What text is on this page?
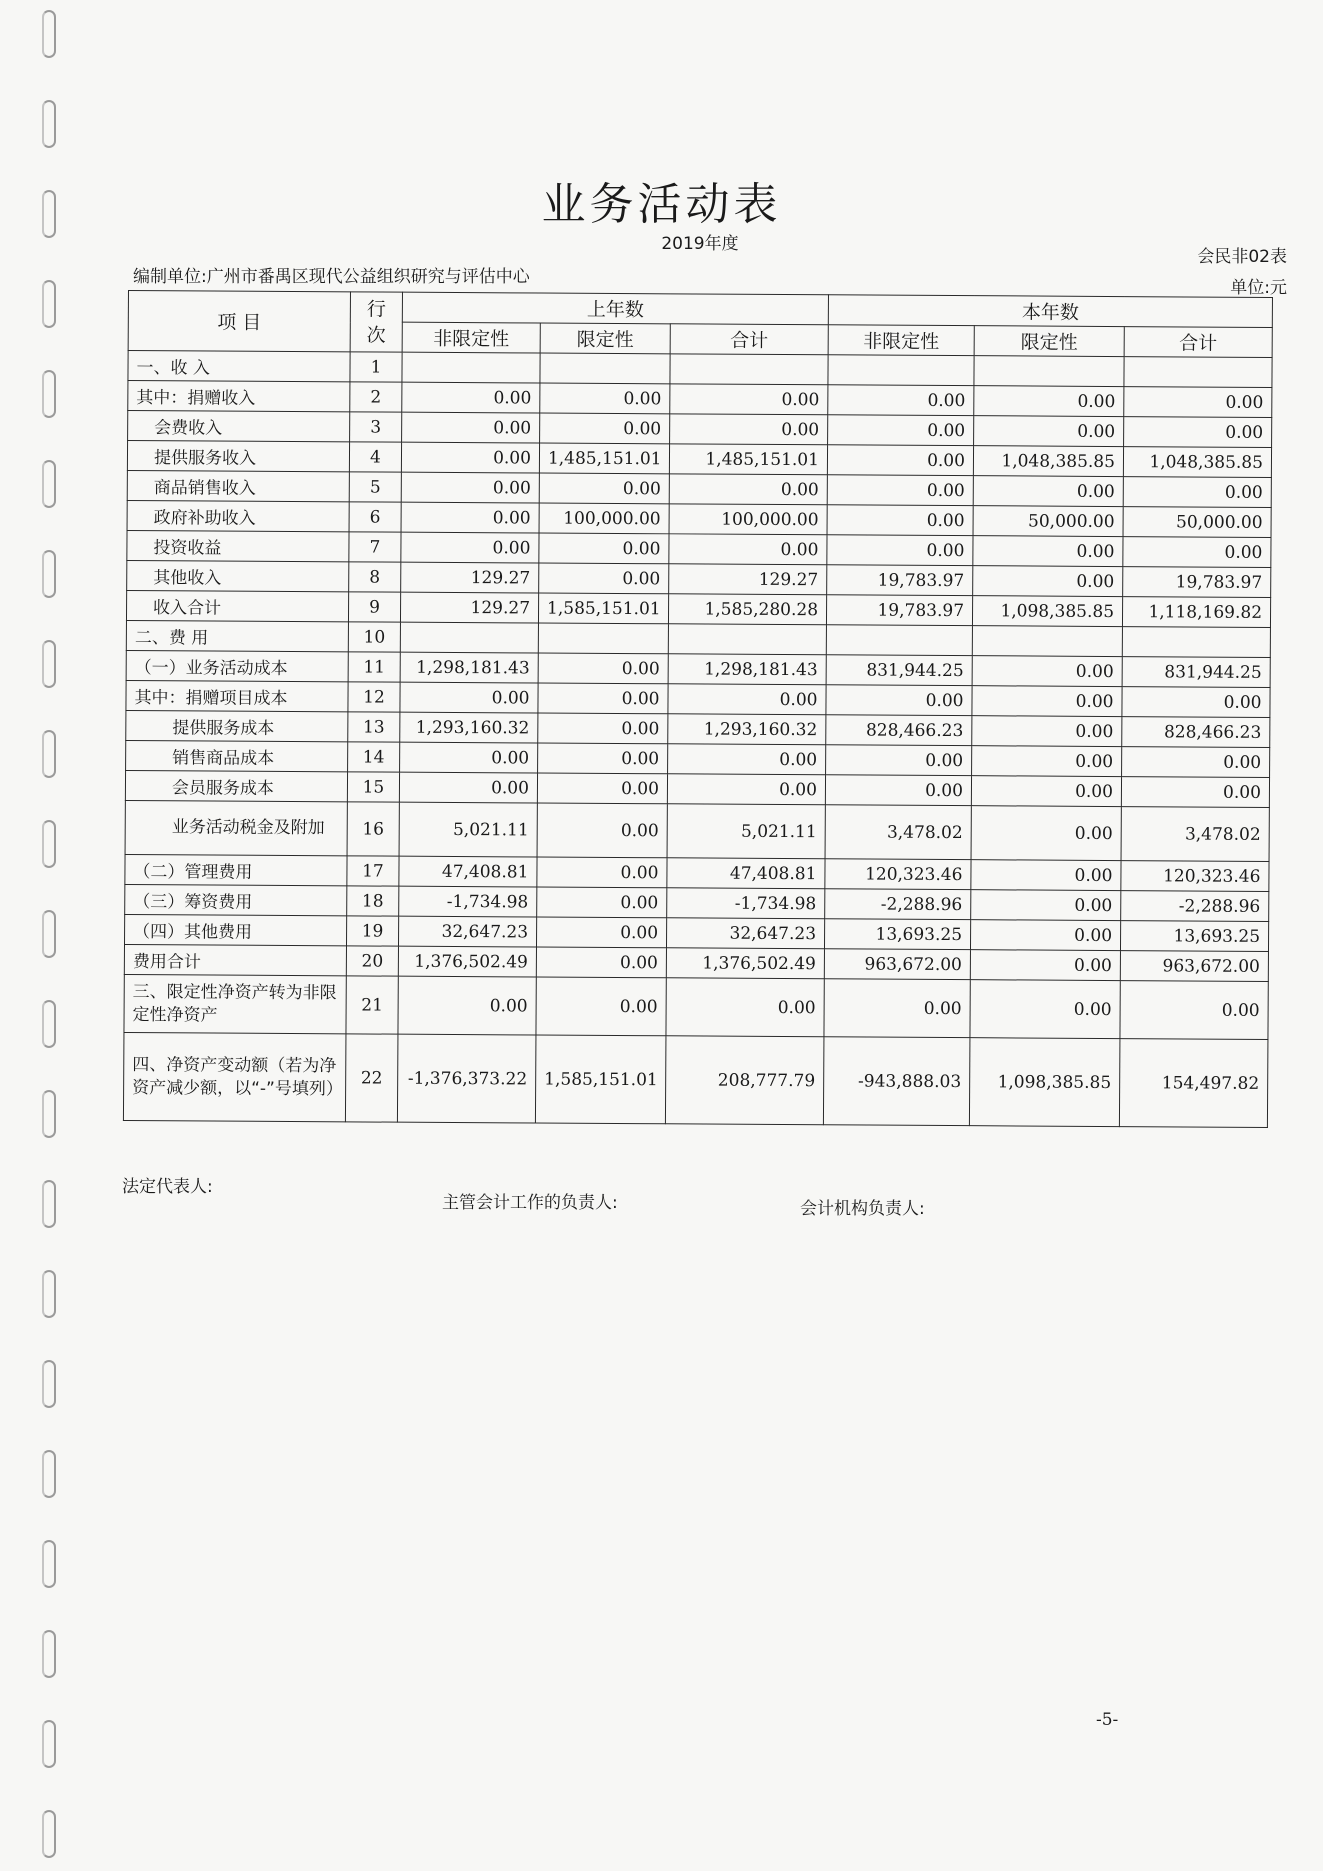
业务活动表
2019年度
会民非02表
编制单位:广州市番禺区现代公益组织研究与评估中心
单位:元
项 目	行次	上年数			本年数		
		非限定性	限定性	合计	非限定性	限定性	合计
一、收 入	1						
其中：捐赠收入	2	0.00	0.00	0.00	0.00	0.00	0.00
会费收入	3	0.00	0.00	0.00	0.00	0.00	0.00
提供服务收入	4	0.00	1,485,151.01	1,485,151.01	0.00	1,048,385.85	1,048,385.85
商品销售收入	5	0.00	0.00	0.00	0.00	0.00	0.00
政府补助收入	6	0.00	100,000.00	100,000.00	0.00	50,000.00	50,000.00
投资收益	7	0.00	0.00	0.00	0.00	0.00	0.00
其他收入	8	129.27	0.00	129.27	19,783.97	0.00	19,783.97
收入合计	9	129.27	1,585,151.01	1,585,280.28	19,783.97	1,098,385.85	1,118,169.82
二、费 用	10						
（一）业务活动成本	11	1,298,181.43	0.00	1,298,181.43	831,944.25	0.00	831,944.25
其中：捐赠项目成本	12	0.00	0.00	0.00	0.00	0.00	0.00
提供服务成本	13	1,293,160.32	0.00	1,293,160.32	828,466.23	0.00	828,466.23
销售商品成本	14	0.00	0.00	0.00	0.00	0.00	0.00
会员服务成本	15	0.00	0.00	0.00	0.00	0.00	0.00
业务活动税金及附加	16	5,021.11	0.00	5,021.11	3,478.02	0.00	3,478.02
（二）管理费用	17	47,408.81	0.00	47,408.81	120,323.46	0.00	120,323.46
（三）筹资费用	18	-1,734.98	0.00	-1,734.98	-2,288.96	0.00	-2,288.96
（四）其他费用	19	32,647.23	0.00	32,647.23	13,693.25	0.00	13,693.25
费用合计	20	1,376,502.49	0.00	1,376,502.49	963,672.00	0.00	963,672.00
三、限定性净资产转为非限定性净资产	21	0.00	0.00	0.00	0.00	0.00	0.00
四、净资产变动额（若为净资产减少额，以“-”号填列）	22	-1,376,373.22	1,585,151.01	208,777.79	-943,888.03	1,098,385.85	154,497.82
法定代表人:
主管会计工作的负责人:	会计机构负责人:
-5-
